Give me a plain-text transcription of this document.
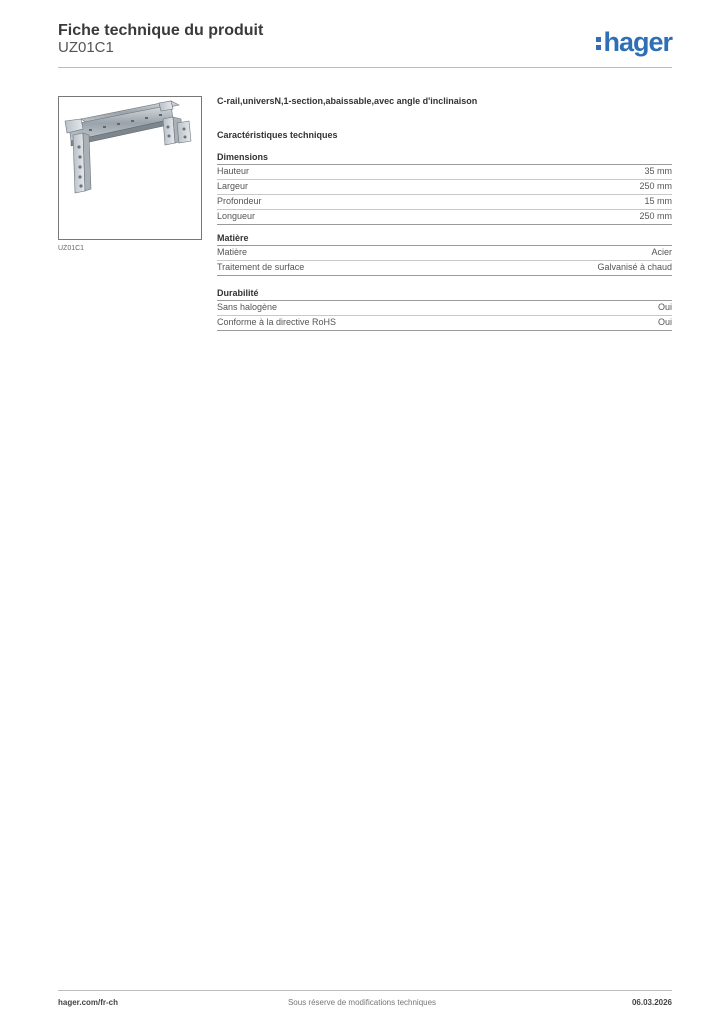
Fiche technique du produit
UZ01C1	hager
UZ01C1
C-rail,universN,1-section,abaissable,avec angle d'inclinaison
Caractéristiques techniques
Dimensions
Hauteur	35 mm
Largeur	250 mm
Profondeur	15 mm
Longueur	250 mm
Matière
Matière	Acier
Traitement de surface	Galvanisé à chaud
Durabilité
Sans halogène	Oui
Conforme à la directive RoHS	Oui
hager.com/fr-ch	Sous réserve de modifications techniques	06.03.2026
